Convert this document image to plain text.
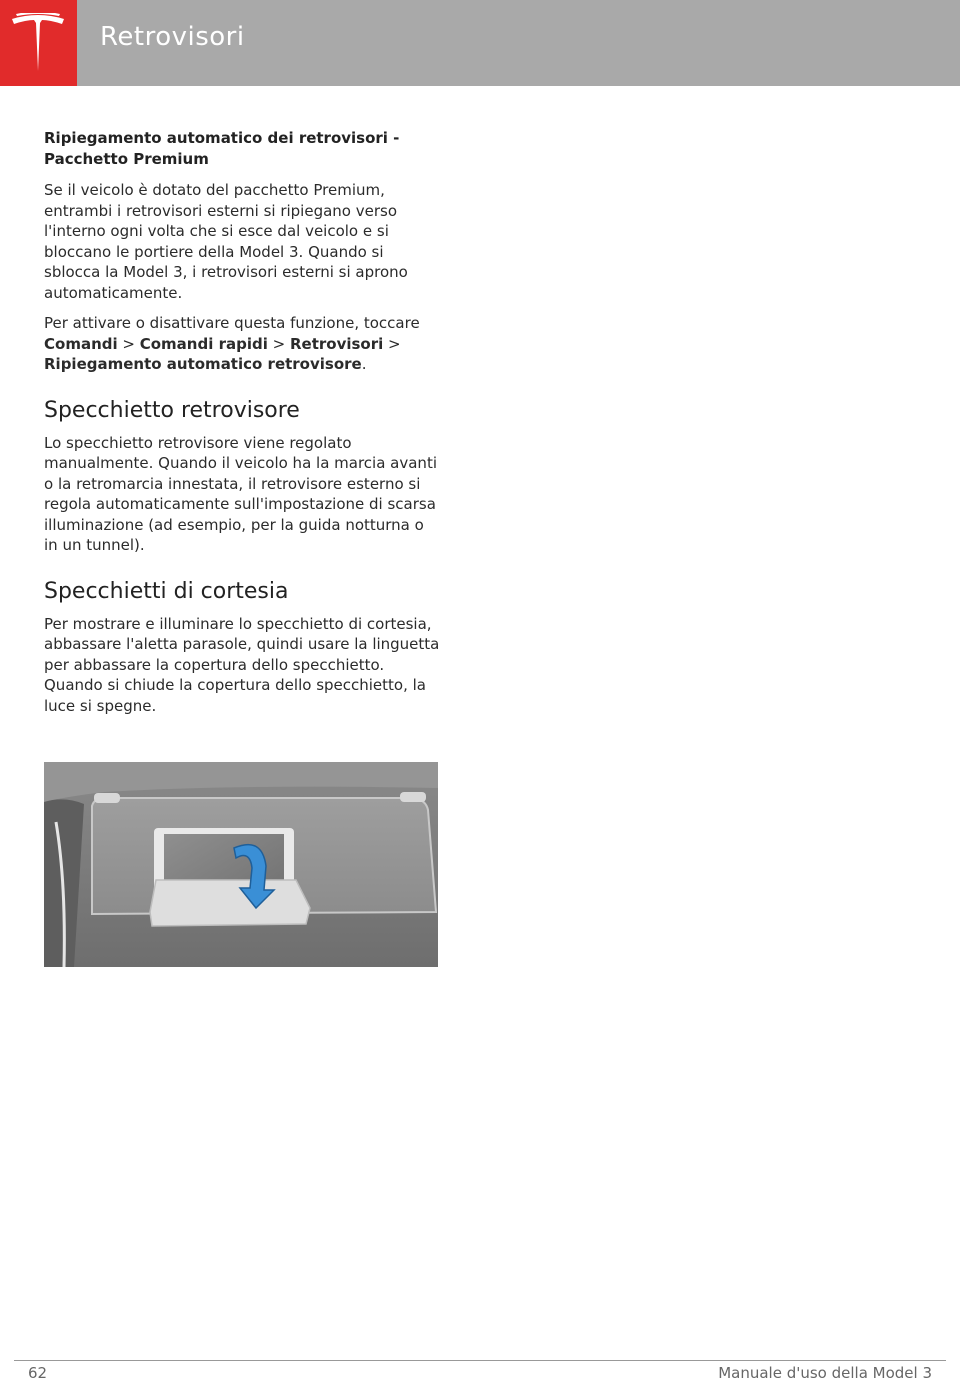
Retrovisori
Ripiegamento automatico dei retrovisori -
Pacchetto Premium

Se il veicolo è dotato del pacchetto Premium, entrambi i retrovisori esterni si ripiegano verso l'interno ogni volta che si esce dal veicolo e si bloccano le portiere della Model 3. Quando si sblocca la Model 3, i retrovisori esterni si aprono automaticamente.

Per attivare o disattivare questa funzione, toccare Comandi > Comandi rapidi > Retrovisori > Ripiegamento automatico retrovisore.

Specchietto retrovisore

Lo specchietto retrovisore viene regolato manualmente. Quando il veicolo ha la marcia avanti o la retromarcia innestata, il retrovisore esterno si regola automaticamente sull'impostazione di scarsa illuminazione (ad esempio, per la guida notturna o in un tunnel).

Specchietti di cortesia

Per mostrare e illuminare lo specchietto di cortesia, abbassare l'aletta parasole, quindi usare la linguetta per abbassare la copertura dello specchietto. Quando si chiude la copertura dello specchietto, la luce si spegne.

62	Manuale d'uso della Model 3
